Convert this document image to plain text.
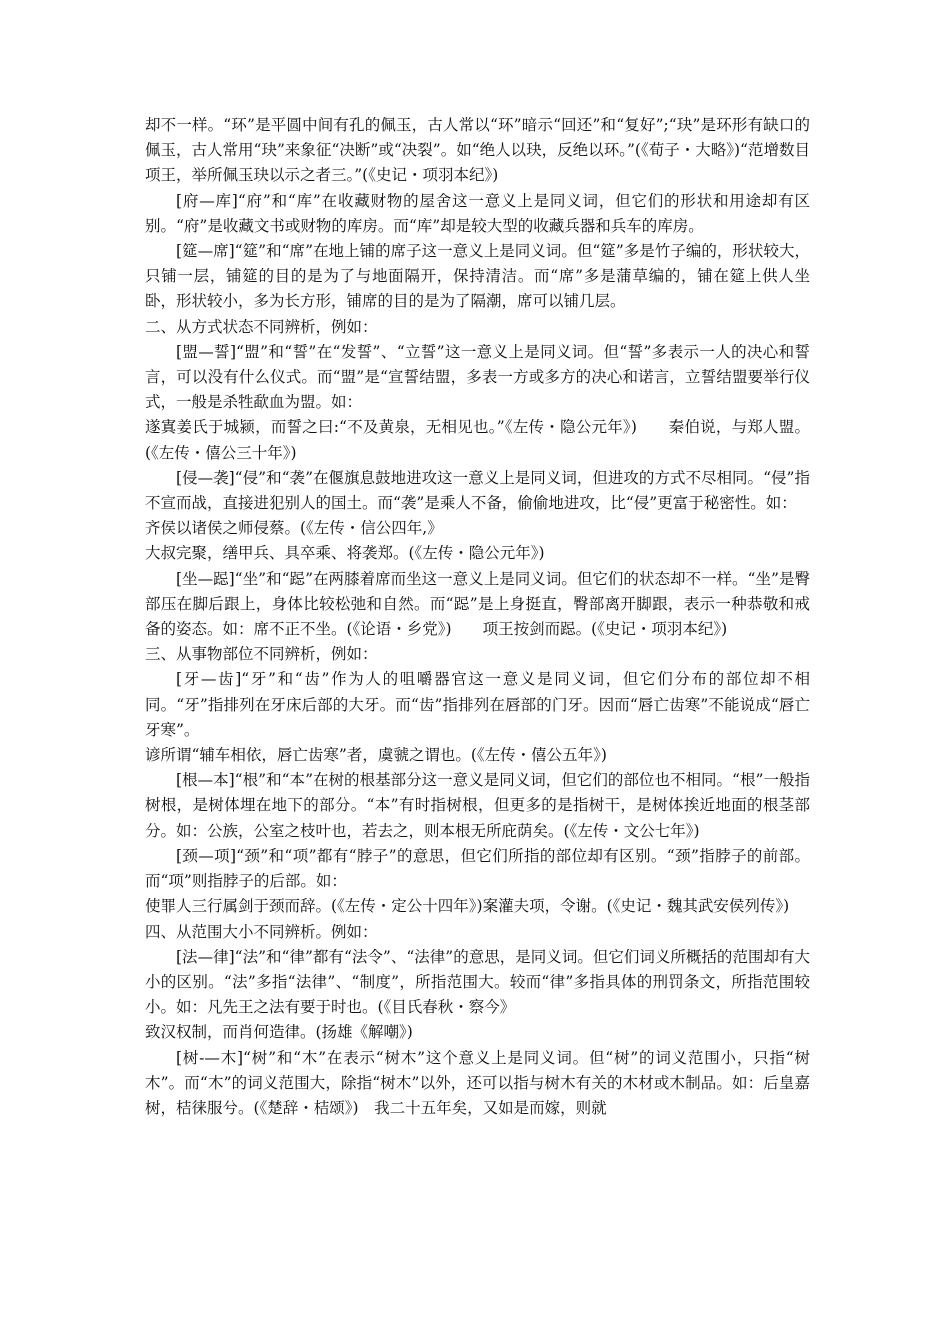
却不一样。“环”是平圆中间有孔的佩玉，古人常以“环”暗示“回还”和“复好”;“玦”是环形有缺口的佩玉，古人常用“玦”来象征“决断”或“决裂”。如“绝人以玦，反绝以环。”(《荀子・大略》)“范增数目项王，举所佩玉玦以示之者三。”(《史记・项羽本纪》)

[府—库]“府”和“库”在收藏财物的屋舍这一意义上是同义词，但它们的形状和用途却有区别。“府”是收藏文书或财物的库房。而“库”却是较大型的收藏兵器和兵车的库房。

[筵—席]“筵”和“席”在地上铺的席子这一意义上是同义词。但“筵”多是竹子编的，形状较大，只铺一层，铺筵的目的是为了与地面隔开，保持清洁。而“席”多是蒲草编的，铺在筵上供人坐卧，形状较小，多为长方形，铺席的目的是为了隔潮，席可以铺几层。

二、从方式状态不同辨析，例如：

[盟—誓]“盟”和“誓”在“发誓”、“立誓”这一意义上是同义词。但“誓”多表示一人的决心和誓言，可以没有什么仪式。而“盟”是“宣誓结盟，多表一方或多方的决心和诺言，立誓结盟要举行仪式，一般是杀牲歃血为盟。如：

遂寘姜氏于城颍，而誓之曰:“不及黄泉，无相见也。”《左传・隐公元年》)　　秦伯说，与郑人盟。(《左传・僖公三十年》)

[侵—袭]“侵”和“袭”在偃旗息鼓地进攻这一意义上是同义词，但进攻的方式不尽相同。“侵”指不宣而战，直接进犯别人的国土。而“袭”是乘人不备，偷偷地进攻，比“侵”更富于秘密性。如：

齐侯以诸侯之师侵蔡。(《左传・信公四年,》

大叔完聚，缮甲兵、具卒乘、将袭郑。(《左传・隐公元年》)

[坐—跽]“坐”和“跽”在两膝着席而坐这一意义上是同义词。但它们的状态却不一样。“坐”是臀部压在脚后跟上，身体比较松弛和自然。而“跽”是上身挺直，臀部离开脚跟，表示一种恭敬和戒备的姿态。如：席不正不坐。(《论语・乡党》)　　项王按剑而跽。(《史记・项羽本纪》)

三、从事物部位不同辨析，例如：

[牙—齿]“牙”和“齿”作为人的咀嚼器官这一意义是同义词，但它们分布的部位却不相同。“牙”指排列在牙床后部的大牙。而“齿”指排列在唇部的门牙。因而“唇亡齿寒”不能说成“唇亡牙寒”。

谚所谓“辅车相依，唇亡齿寒”者，虞虢之谓也。(《左传・僖公五年》)

[根—本]“根”和“本”在树的根基部分这一意义是同义词，但它们的部位也不相同。“根”一般指树根，是树体埋在地下的部分。“本”有时指树根，但更多的是指树干，是树体挨近地面的根茎部分。如：公族，公室之枝叶也，若去之，则本根无所庇荫矣。(《左传・文公七年》)

[颈—项]“颈”和“项”都有“脖子”的意思，但它们所指的部位却有区别。“颈”指脖子的前部。而“项”则指脖子的后部。如：

使罪人三行属剑于颈而辞。(《左传・定公十四年》)案灌夫项，令谢。(《史记・魏其武安侯列传》)

四、从范围大小不同辨析。例如：

[法—律]“法”和“律”都有“法令”、“法律”的意思，是同义词。但它们词义所概括的范围却有大小的区别。“法”多指“法律”、“制度”，所指范围大。较而“律”多指具体的刑罚条文，所指范围较小。如：凡先王之法有要于时也。(《目氏春秋・察今》

致汉权制，而肖何造律。(扬雄《解嘲》)

[树-—木]“树”和“木”在表示“树木”这个意义上是同义词。但“树”的词义范围小，只指“树木”。而“木”的词义范围大，除指“树木”以外，还可以指与树木有关的木材或木制品。如：后皇嘉树，桔徕服兮。(《楚辞・桔颂》)　我二十五年矣，又如是而嫁，则就
